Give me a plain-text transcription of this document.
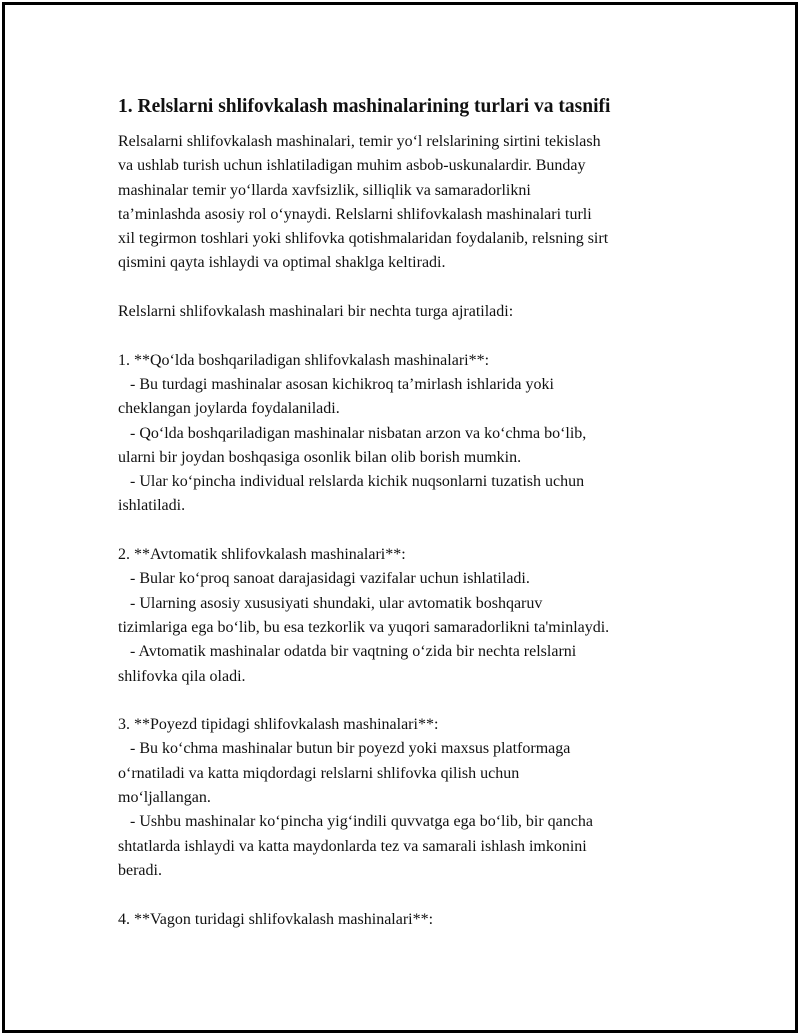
1. Relslarni shlifovkalash mashinalarining turlari va tasnifi
Relsalarni shlifovkalash mashinalari, temir yo‘l relslarining sirtini tekislash
va ushlab turish uchun ishlatiladigan muhim asbob-uskunalardir. Bunday
mashinalar temir yo‘llarda xavfsizlik, silliqlik va samaradorlikni
ta’minlashda asosiy rol o‘ynaydi. Relslarni shlifovkalash mashinalari turli
xil tegirmon toshlari yoki shlifovka qotishmalaridan foydalanib, relsning sirt
qismini qayta ishlaydi va optimal shaklga keltiradi.
Relslarni shlifovkalash mashinalari bir nechta turga ajratiladi:
1. **Qo‘lda boshqariladigan shlifovkalash mashinalari**:
- Bu turdagi mashinalar asosan kichikroq ta’mirlash ishlarida yoki
cheklangan joylarda foydalaniladi.
- Qo‘lda boshqariladigan mashinalar nisbatan arzon va ko‘chma bo‘lib,
ularni bir joydan boshqasiga osonlik bilan olib borish mumkin.
- Ular ko‘pincha individual relslarda kichik nuqsonlarni tuzatish uchun
ishlatiladi.
2. **Avtomatik shlifovkalash mashinalari**:
- Bular ko‘proq sanoat darajasidagi vazifalar uchun ishlatiladi.
- Ularning asosiy xususiyati shundaki, ular avtomatik boshqaruv
tizimlariga ega bo‘lib, bu esa tezkorlik va yuqori samaradorlikni ta'minlaydi.
- Avtomatik mashinalar odatda bir vaqtning o‘zida bir nechta relslarni
shlifovka qila oladi.
3. **Poyezd tipidagi shlifovkalash mashinalari**:
- Bu ko‘chma mashinalar butun bir poyezd yoki maxsus platformaga
o‘rnatiladi va katta miqdordagi relslarni shlifovka qilish uchun
mo‘ljallangan.
- Ushbu mashinalar ko‘pincha yig‘indili quvvatga ega bo‘lib, bir qancha
shtatlarda ishlaydi va katta maydonlarda tez va samarali ishlash imkonini
beradi.
4. **Vagon turidagi shlifovkalash mashinalari**:
